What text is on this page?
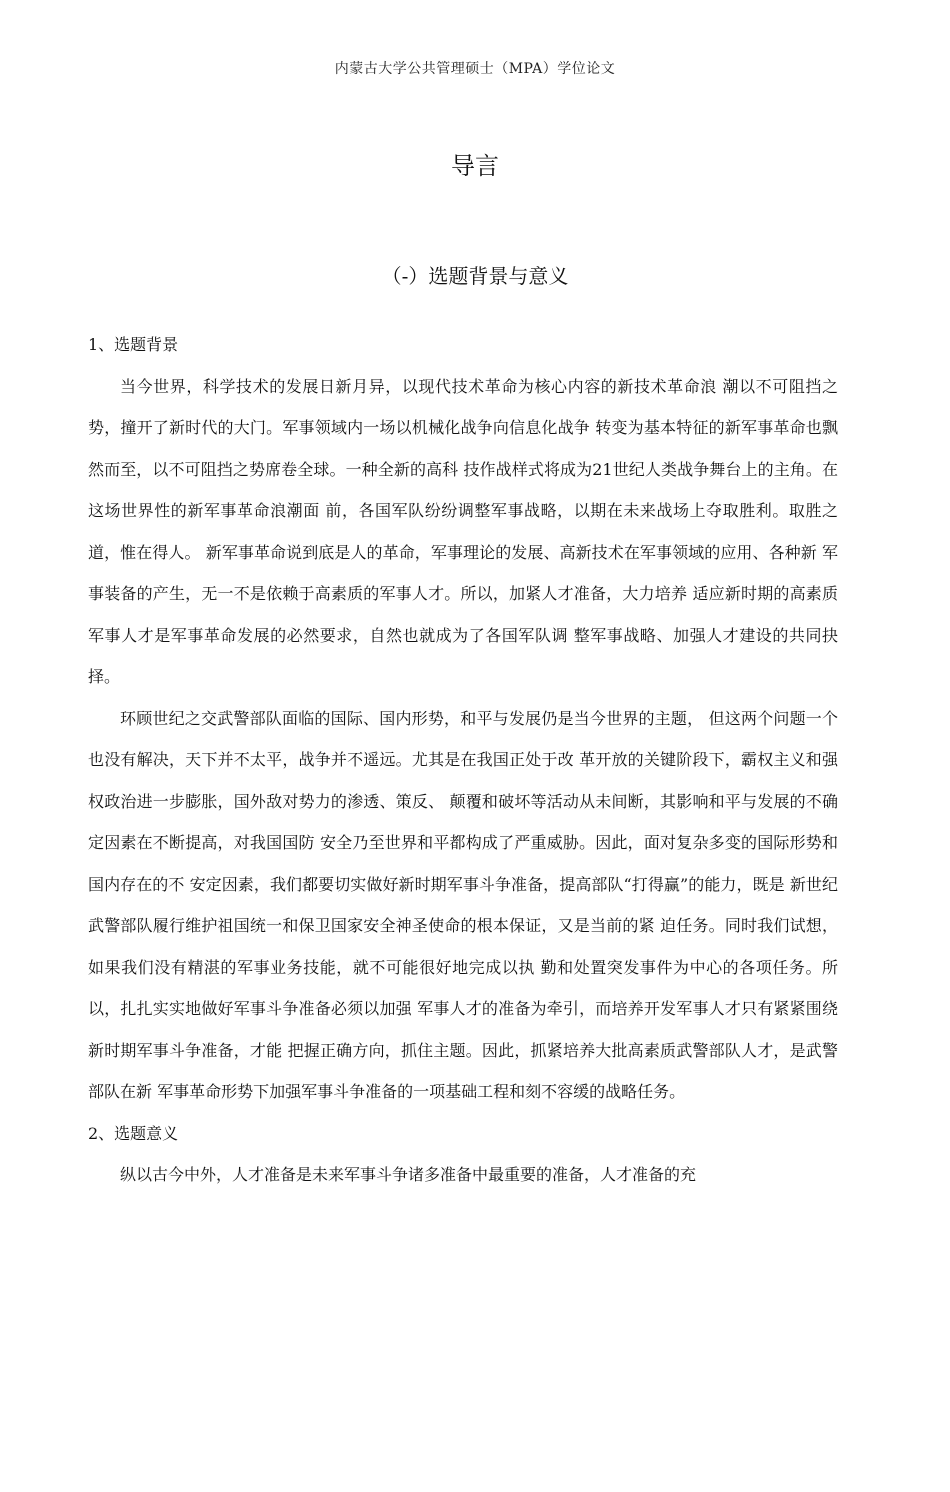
内蒙古大学公共管理硕士（MPA）学位论文
导言
（-）选题背景与意义

1、选题背景

当今世界，科学技术的发展日新月异，以现代技术革命为核心内容的新技术革命浪 潮以不可阻挡之势，撞开了新时代的大门。军事领域内一场以机械化战争向信息化战争 转变为基本特征的新军事革命也飘然而至，以不可阻挡之势席卷全球。一种全新的高科 技作战样式将成为21世纪人类战争舞台上的主角。在这场世界性的新军事革命浪潮面 前，各国军队纷纷调整军事战略，以期在未来战场上夺取胜利。取胜之道，惟在得人。 新军事革命说到底是人的革命，军事理论的发展、高新技术在军事领域的应用、各种新 军事装备的产生，无一不是依赖于高素质的军事人才。所以，加紧人才准备，大力培养 适应新时期的高素质军事人才是军事革命发展的必然要求，自然也就成为了各国军队调 整军事战略、加强人才建设的共同抉择。

环顾世纪之交武警部队面临的国际、国内形势，和平与发展仍是当今世界的主题， 但这两个问题一个也没有解决，天下并不太平，战争并不遥远。尤其是在我国正处于改 革开放的关键阶段下，霸权主义和强权政治进一步膨胀，国外敌对势力的渗透、策反、 颠覆和破坏等活动从未间断，其影响和平与发展的不确定因素在不断提高，对我国国防 安全乃至世界和平都构成了严重威胁。因此，面对复杂多变的国际形势和国内存在的不 安定因素，我们都要切实做好新时期军事斗争准备，提高部队“打得赢”的能力，既是 新世纪武警部队履行维护祖国统一和保卫国家安全神圣使命的根本保证，又是当前的紧 迫任务。同时我们试想，如果我们没有精湛的军事业务技能，就不可能很好地完成以执 勤和处置突发事件为中心的各项任务。所以，扎扎实实地做好军事斗争准备必须以加强 军事人才的准备为牵引，而培养开发军事人才只有紧紧围绕新时期军事斗争准备，才能 把握正确方向，抓住主题。因此，抓紧培养大批高素质武警部队人才，是武警部队在新 军事革命形势下加强军事斗争准备的一项基础工程和刻不容缓的战略任务。

2、选题意义

纵以古今中外，人才准备是未来军事斗争诸多准备中最重要的准备，人才准备的充
